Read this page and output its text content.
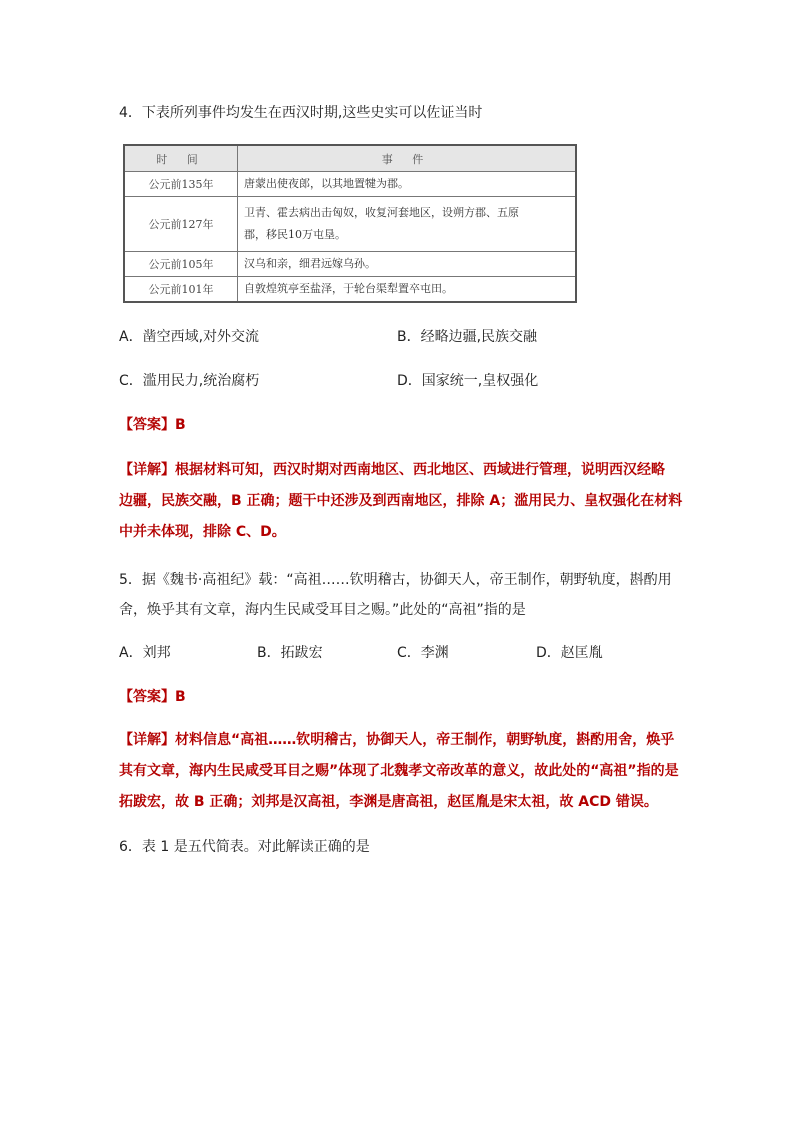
4．下表所列事件均发生在西汉时期,这些史实可以佐证当时
时 间	事 件
公元前135年	唐蒙出使夜郎，以其地置犍为郡。
公元前127年	卫青、霍去病出击匈奴，收复河套地区，设朔方郡、五原
郡，移民10万屯垦。

公元前105年	汉乌和亲，细君远嫁乌孙。
公元前101年	自敦煌筑亭至盐泽，于轮台渠犁置卒屯田。
A．凿空西域,对外交流	B．经略边疆,民族交融
C．滥用民力,统治腐朽	D．国家统一,皇权强化
【答案】B
【详解】根据材料可知，西汉时期对西南地区、西北地区、西域进行管理，说明西汉经略
边疆，民族交融，B 正确；题干中还涉及到西南地区，排除 A；滥用民力、皇权强化在材料
中并未体现，排除 C、D。
5．据《魏书·高祖纪》载：“高祖……钦明稽古，协御天人，帝王制作，朝野轨度，斟酌用
舍，焕乎其有文章，海内生民咸受耳目之赐。”此处的“高祖”指的是
A．刘邦	B．拓跋宏	C．李渊	D．赵匡胤
【答案】B
【详解】材料信息“高祖……钦明稽古，协御天人，帝王制作，朝野轨度，斟酌用舍，焕乎
其有文章，海内生民咸受耳目之赐”体现了北魏孝文帝改革的意义，故此处的“高祖”指的是
拓跋宏，故 B 正确；刘邦是汉高祖，李渊是唐高祖，赵匡胤是宋太祖，故 ACD 错误。
6．表 1 是五代简表。对此解读正确的是
